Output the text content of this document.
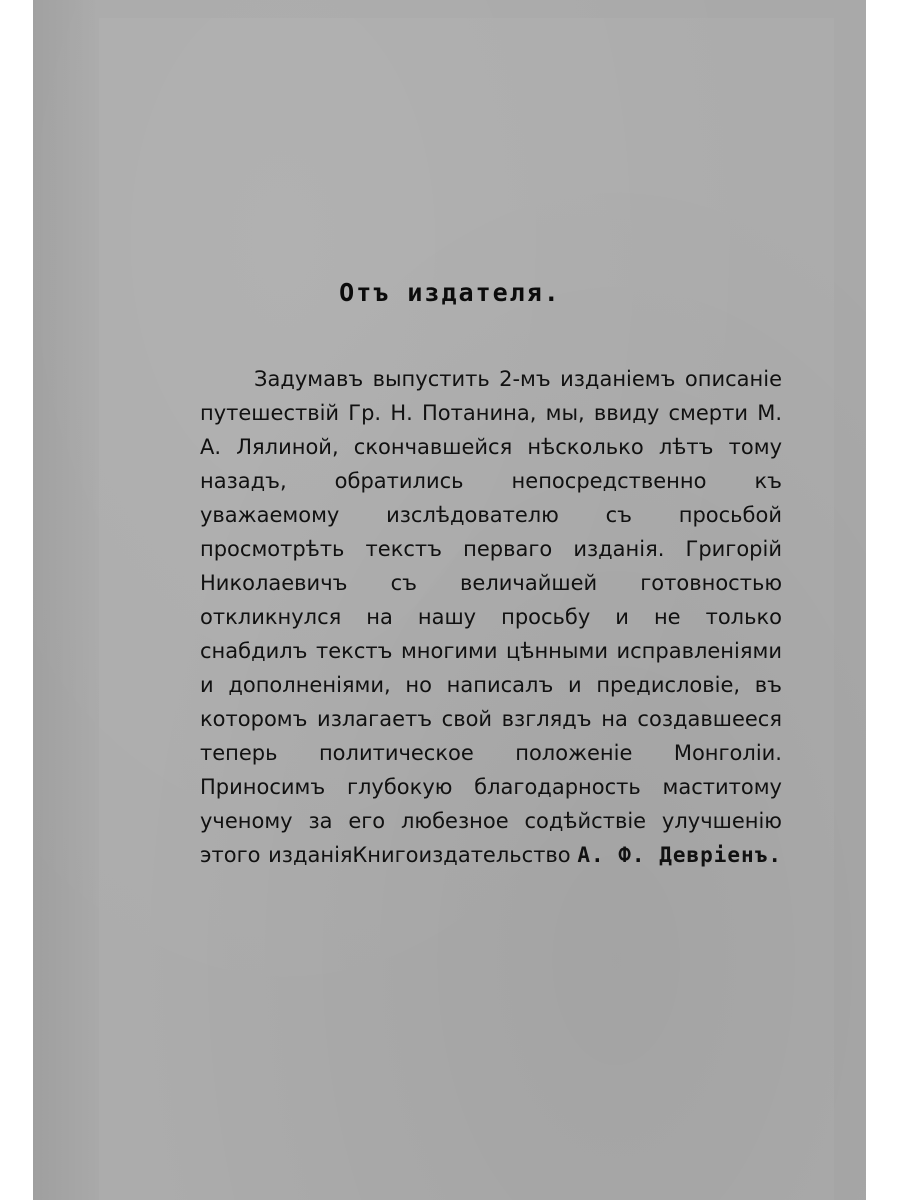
Отъ издателя.

Задумавъ выпустить 2-мъ изданіемъ описаніе путешествій Гр. Н. Потанина, мы, ввиду смерти М. А. Лялиной, скончавшейся нѣсколько лѣтъ тому назадъ, обратились непосредственно къ уважаемому изслѣдователю съ просьбой просмотрѣть текстъ перваго изданія. Григорій Николаевичъ съ величайшей готовностью откликнулся на нашу просьбу и не только снабдилъ текстъ многими цѣнными исправленіями и дополненіями, но написалъ и предисловіе, въ которомъ излагаетъ свой взглядъ на создавшееся теперь политическое положеніе Монголіи. Приносимъ глубокую благодарность маститому ученому за его любезное содѣйствіе улучшенію этого изданія.

Книгоиздательство А. Ф. Девріенъ.
